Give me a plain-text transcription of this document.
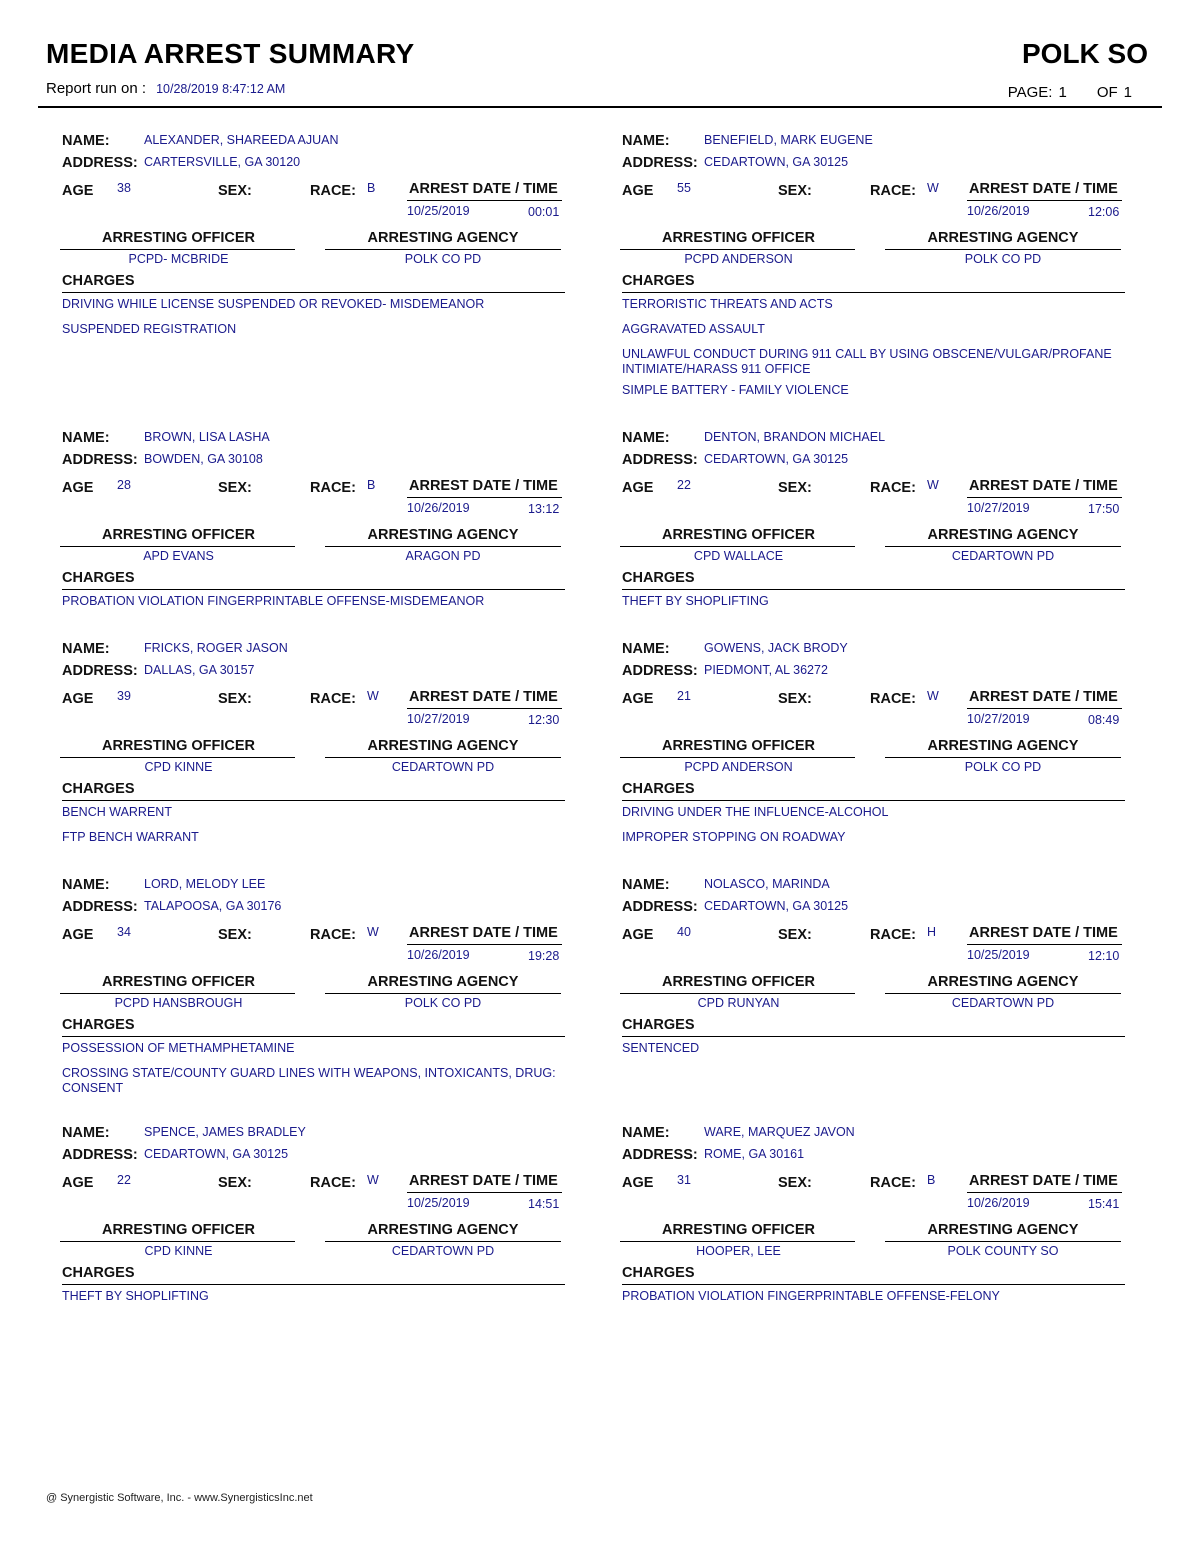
MEDIA ARREST SUMMARY	POLK SO
Report run on : 10/28/2019 8:47:12 AM	PAGE: 1 OF 1
NAME:	ALEXANDER, SHAREEDA AJUAN
ADDRESS: CARTERSVILLE, GA 30120
AGE 38	SEX:	RACE: B ARREST DATE / TIME
10/25/2019	00:01
ARRESTING OFFICER
PCPD- MCBRIDE
ARRESTING AGENCY
POLK CO PD
CHARGES
DRIVING WHILE LICENSE SUSPENDED OR REVOKED- MISDEMEANOR
SUSPENDED REGISTRATION
NAME:	BENEFIELD, MARK EUGENE
ADDRESS: CEDARTOWN, GA 30125
AGE 55	SEX:	RACE: W ARREST DATE / TIME
10/26/2019	12:06
ARRESTING OFFICER
PCPD ANDERSON
ARRESTING AGENCY
POLK CO PD
CHARGES
TERRORISTIC THREATS AND ACTS
AGGRAVATED ASSAULT
UNLAWFUL CONDUCT DURING 911 CALL BY USING OBSCENE/VULGAR/PROFANE
INTIMIATE/HARASS 911 OFFICE
SIMPLE BATTERY - FAMILY VIOLENCE
NAME:	BROWN, LISA LASHA
ADDRESS: BOWDEN, GA 30108
AGE 28	SEX:	RACE: B ARREST DATE / TIME
10/26/2019	13:12
ARRESTING OFFICER
APD EVANS
ARRESTING AGENCY
ARAGON PD
CHARGES
PROBATION VIOLATION FINGERPRINTABLE OFFENSE-MISDEMEANOR
NAME:	DENTON, BRANDON MICHAEL
ADDRESS: CEDARTOWN, GA 30125
AGE 22	SEX:	RACE: W ARREST DATE / TIME
10/27/2019	17:50
ARRESTING OFFICER
CPD WALLACE
ARRESTING AGENCY
CEDARTOWN PD
CHARGES
THEFT BY SHOPLIFTING
NAME:	FRICKS, ROGER JASON
ADDRESS: DALLAS, GA 30157
AGE 39	SEX:	RACE: W ARREST DATE / TIME
10/27/2019	12:30
ARRESTING OFFICER
CPD KINNE
ARRESTING AGENCY
CEDARTOWN PD
CHARGES
BENCH WARRENT
FTP BENCH WARRANT
NAME:	GOWENS, JACK BRODY
ADDRESS: PIEDMONT, AL 36272
AGE 21	SEX:	RACE: W ARREST DATE / TIME
10/27/2019	08:49
ARRESTING OFFICER
PCPD ANDERSON
ARRESTING AGENCY
POLK CO PD
CHARGES
DRIVING UNDER THE INFLUENCE-ALCOHOL
IMPROPER STOPPING ON ROADWAY
NAME:	LORD, MELODY LEE
ADDRESS: TALAPOOSA, GA 30176
AGE 34	SEX:	RACE: W ARREST DATE / TIME
10/26/2019	19:28
ARRESTING OFFICER
PCPD HANSBROUGH
ARRESTING AGENCY
POLK CO PD
CHARGES
POSSESSION OF METHAMPHETAMINE
CROSSING STATE/COUNTY GUARD LINES WITH WEAPONS, INTOXICANTS, DRUG:
CONSENT
NAME:	NOLASCO, MARINDA
ADDRESS: CEDARTOWN, GA 30125
AGE 40	SEX:	RACE: H ARREST DATE / TIME
10/25/2019	12:10
ARRESTING OFFICER
CPD RUNYAN
ARRESTING AGENCY
CEDARTOWN PD
CHARGES
SENTENCED
NAME:	SPENCE, JAMES BRADLEY
ADDRESS: CEDARTOWN, GA 30125
AGE 22	SEX:	RACE: W ARREST DATE / TIME
10/25/2019	14:51
ARRESTING OFFICER
CPD KINNE
ARRESTING AGENCY
CEDARTOWN PD
CHARGES
THEFT BY SHOPLIFTING
NAME:	WARE, MARQUEZ JAVON
ADDRESS: ROME, GA 30161
AGE 31	SEX:	RACE: B ARREST DATE / TIME
10/26/2019	15:41
ARRESTING OFFICER
HOOPER, LEE
ARRESTING AGENCY
POLK COUNTY SO
CHARGES
PROBATION VIOLATION FINGERPRINTABLE OFFENSE-FELONY
@ Synergistic Software, Inc. - www.SynergisticsInc.net
